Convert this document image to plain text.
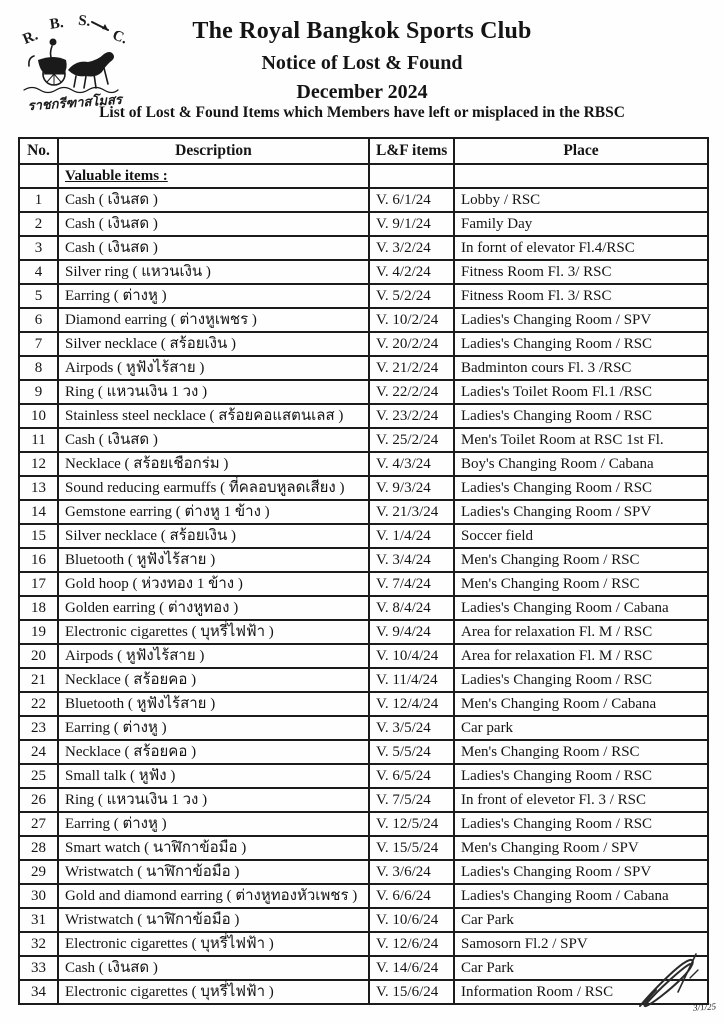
R.
B. S.
C.
ราชกรีฑาสโมสร
The Royal Bangkok Sports Club
Notice of Lost & Found
December 2024
List of Lost & Found Items which Members have left or misplaced in the RBSC
No.	Description	L&F items	Place
	Valuable items :		
1	Cash ( เงินสด )	V. 6/1/24	Lobby / RSC
2	Cash ( เงินสด )	V. 9/1/24	Family Day
3	Cash ( เงินสด )	V. 3/2/24	In fornt of elevator Fl.4/RSC
4	Silver ring ( แหวนเงิน )	V. 4/2/24	Fitness Room Fl. 3/ RSC
5	Earring ( ต่างหู )	V. 5/2/24	Fitness Room Fl. 3/ RSC
6	Diamond earring ( ต่างหูเพชร )	V. 10/2/24	Ladies's Changing Room / SPV
7	Silver necklace ( สร้อยเงิน )	V. 20/2/24	Ladies's Changing Room / RSC
8	Airpods ( หูฟังไร้สาย )	V. 21/2/24	Badminton cours Fl. 3 /RSC
9	Ring ( แหวนเงิน 1 วง )	V. 22/2/24	Ladies's Toilet Room Fl.1 /RSC
10	Stainless steel necklace ( สร้อยคอแสตนเลส )	V. 23/2/24	Ladies's Changing Room / RSC
11	Cash ( เงินสด )	V. 25/2/24	Men's Toilet Room at RSC 1st Fl.
12	Necklace ( สร้อยเชือกร่ม )	V. 4/3/24	Boy's Changing Room / Cabana
13	Sound reducing earmuffs ( ที่คลอบหูลดเสียง )	V. 9/3/24	Ladies's Changing Room / RSC
14	Gemstone earring ( ต่างหู 1 ข้าง )	V. 21/3/24	Ladies's Changing Room / SPV
15	Silver necklace ( สร้อยเงิน )	V. 1/4/24	Soccer field
16	Bluetooth ( หูฟังไร้สาย )	V. 3/4/24	Men's Changing Room / RSC
17	Gold hoop ( ห่วงทอง 1 ข้าง )	V. 7/4/24	Men's Changing Room / RSC
18	Golden earring ( ต่างหูทอง )	V. 8/4/24	Ladies's Changing Room / Cabana
19	Electronic cigarettes ( บุหรี่ไฟฟ้า )	V. 9/4/24	Area for relaxation Fl. M / RSC
20	Airpods ( หูฟังไร้สาย )	V. 10/4/24	Area for relaxation Fl. M / RSC
21	Necklace ( สร้อยคอ )	V. 11/4/24	Ladies's Changing Room / RSC
22	Bluetooth ( หูฟังไร้สาย )	V. 12/4/24	Men's Changing Room / Cabana
23	Earring ( ต่างหู )	V. 3/5/24	Car park
24	Necklace ( สร้อยคอ )	V. 5/5/24	Men's Changing Room / RSC
25	Small talk ( หูฟัง )	V. 6/5/24	Ladies's Changing Room / RSC
26	Ring ( แหวนเงิน 1 วง )	V. 7/5/24	In front of elevetor Fl. 3 / RSC
27	Earring ( ต่างหู )	V. 12/5/24	Ladies's Changing Room / RSC
28	Smart watch ( นาฬิกาข้อมือ )	V. 15/5/24	Men's Changing Room / SPV
29	Wristwatch ( นาฬิกาข้อมือ )	V. 3/6/24	Ladies's Changing Room / SPV
30	Gold and diamond earring ( ต่างหูทองหัวเพชร )	V. 6/6/24	Ladies's Changing Room / Cabana
31	Wristwatch ( นาฬิกาข้อมือ )	V. 10/6/24	Car Park
32	Electronic cigarettes ( บุหรี่ไฟฟ้า )	V. 12/6/24	Samosorn Fl.2 / SPV
33	Cash ( เงินสด )	V. 14/6/24	Car Park
34	Electronic cigarettes ( บุหรี่ไฟฟ้า )	V. 15/6/24	Information Room / RSC
3/1/25
